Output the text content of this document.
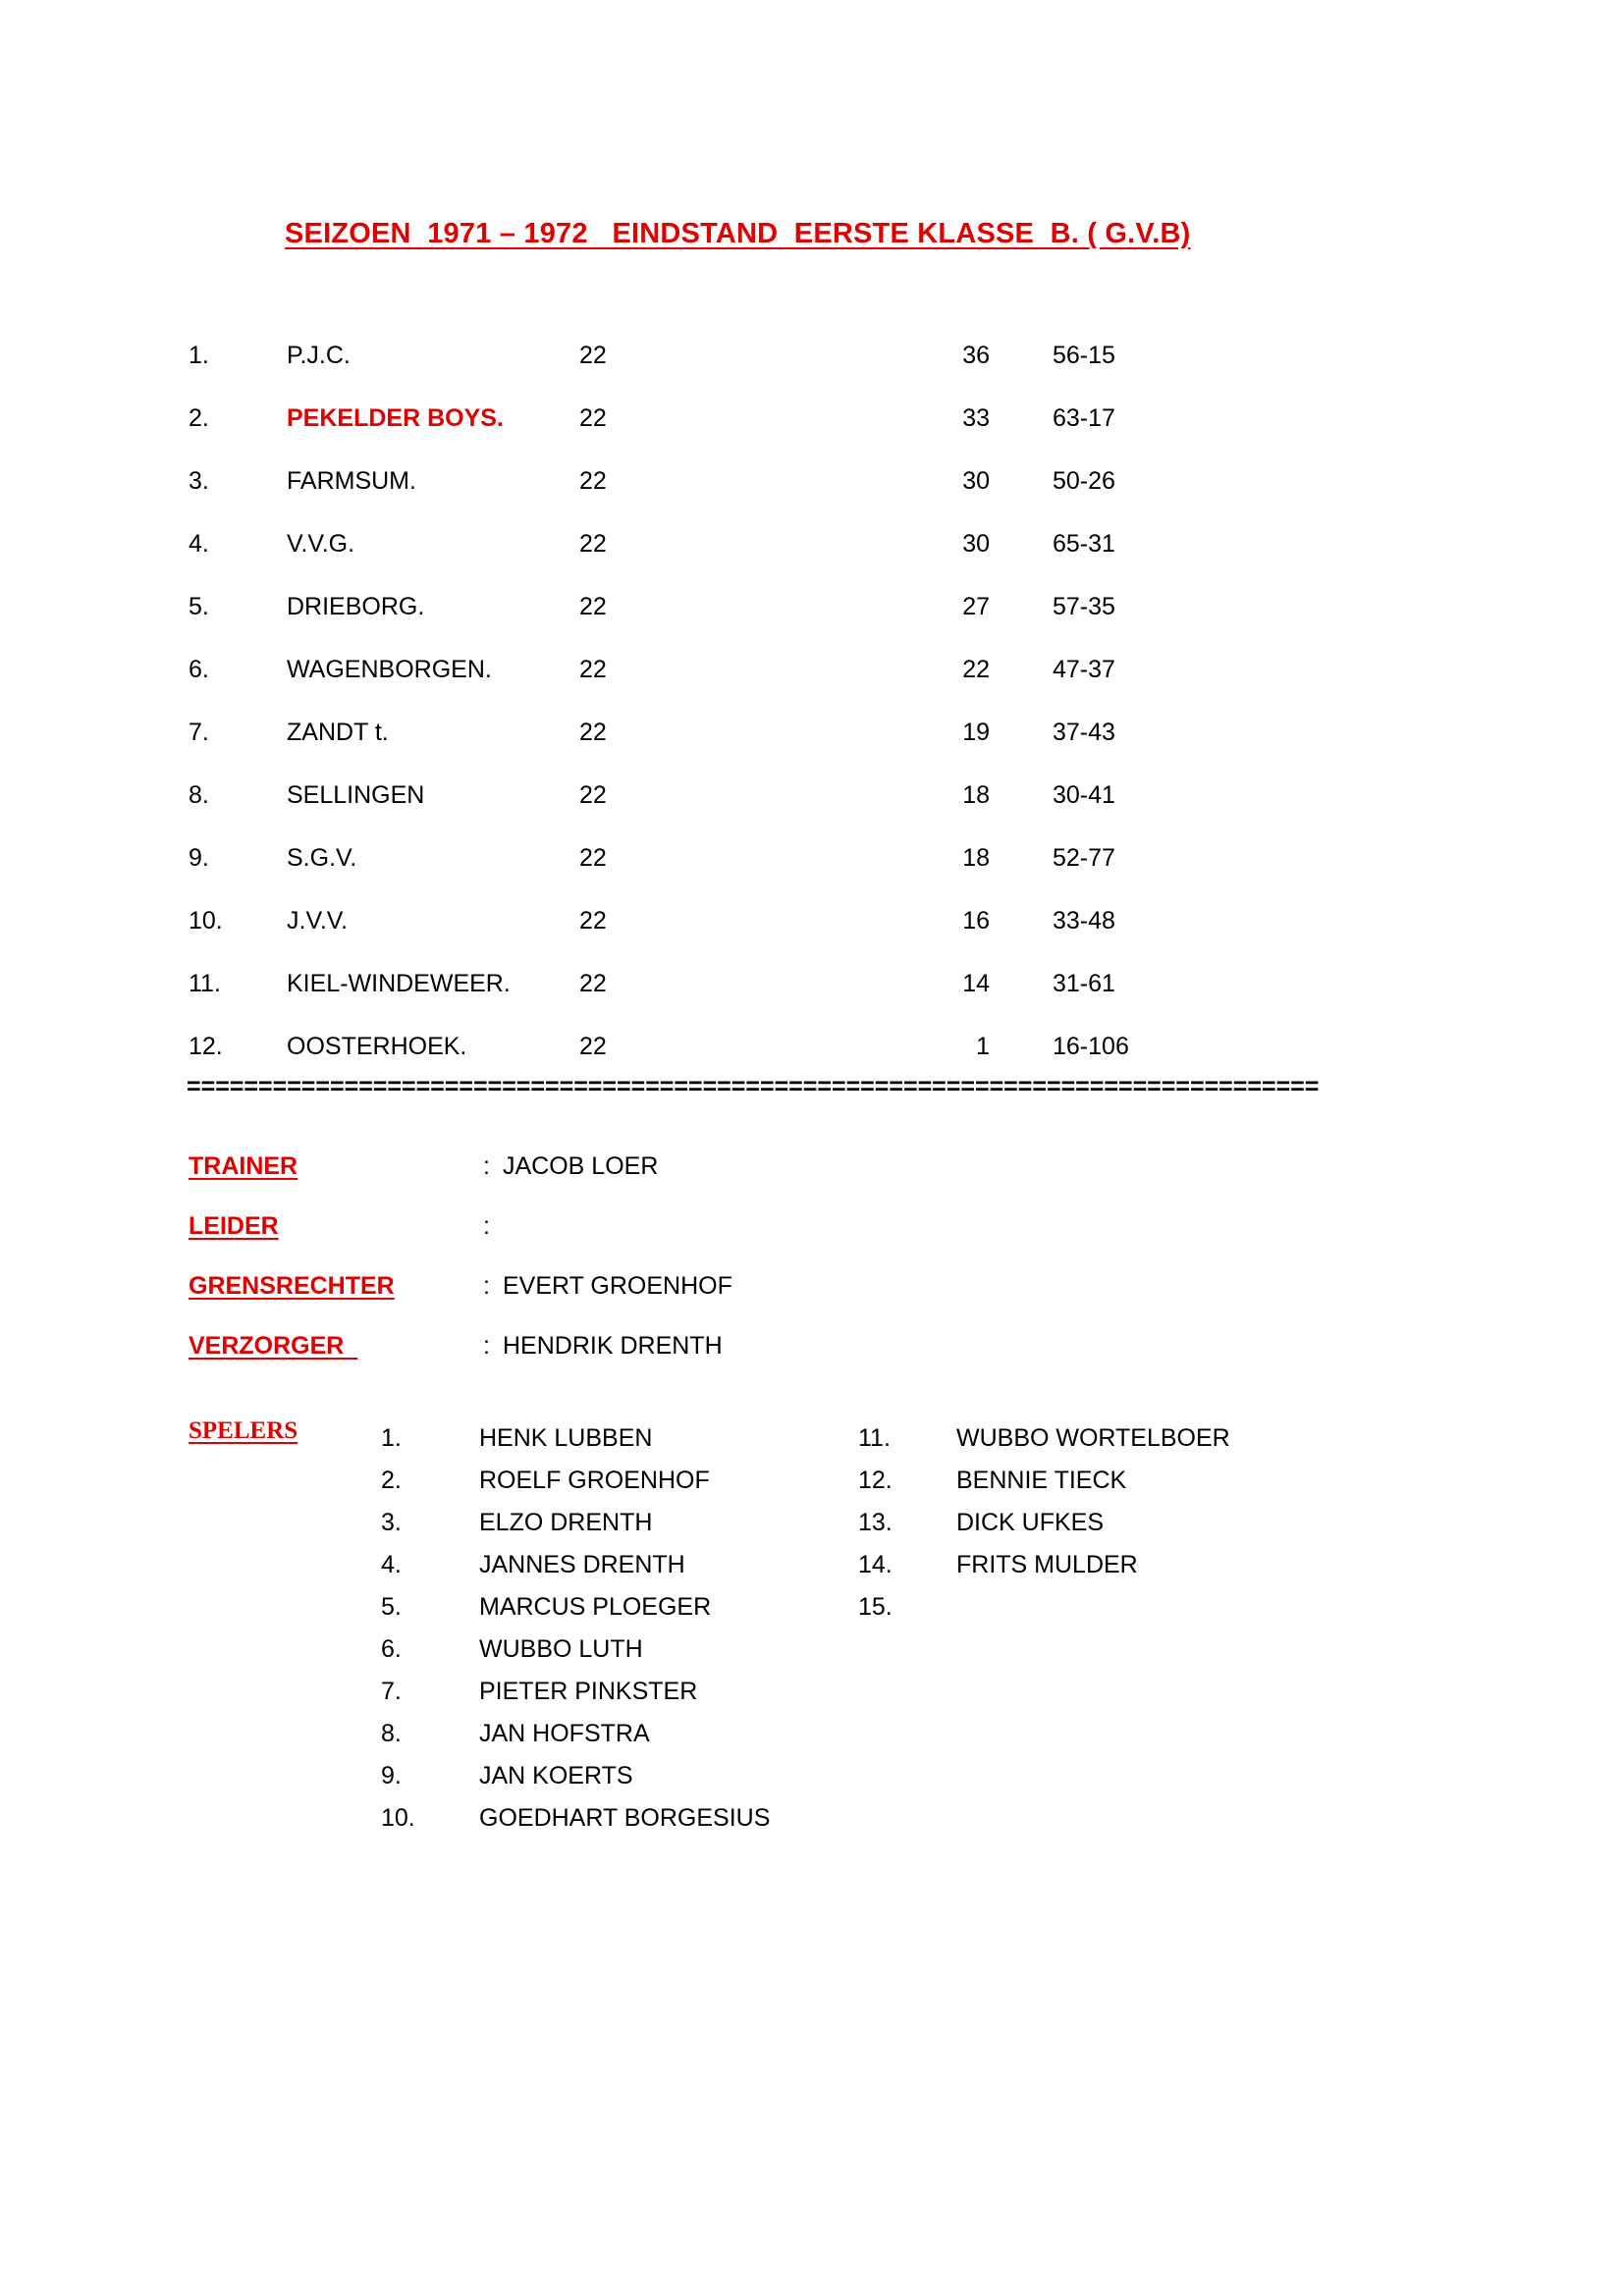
SEIZOEN  1971 – 1972   EINDSTAND  EERSTE KLASSE  B. ( G.V.B)
1.	P.J.C.	22	36	56-15
2.	PEKELDER BOYS.	22	33	63-17
3.	FARMSUM.	22	30	50-26
4.	V.V.G.	22	30	65-31
5.	DRIEBORG.	22	27	57-35
6.	WAGENBORGEN.	22	22	47-37
7.	ZANDT t.	22	19	37-43
8.	SELLINGEN	22	18	30-41
9.	S.G.V.	22	18	52-77
10.	J.V.V.	22	16	33-48
11.	KIEL-WINDEWEER.	22	14	31-61
12.	OOSTERHOEK.	22	1	16-106
===============================================================================
TRAINER	: JACOB LOER
LEIDER	:
GRENSRECHTER	: EVERT GROENHOF
VERZORGER	: HENDRIK DRENTH
SPELERS	1.	HENK LUBBEN	11.	WUBBO WORTELBOER
2.	ROELF GROENHOF	12.	BENNIE TIECK
3.	ELZO DRENTH	13.	DICK UFKES
4.	JANNES DRENTH	14.	FRITS MULDER
5.	MARCUS PLOEGER	15.
6.	WUBBO LUTH
7.	PIETER PINKSTER
8.	JAN HOFSTRA
9.	JAN KOERTS
10.	GOEDHART BORGESIUS
